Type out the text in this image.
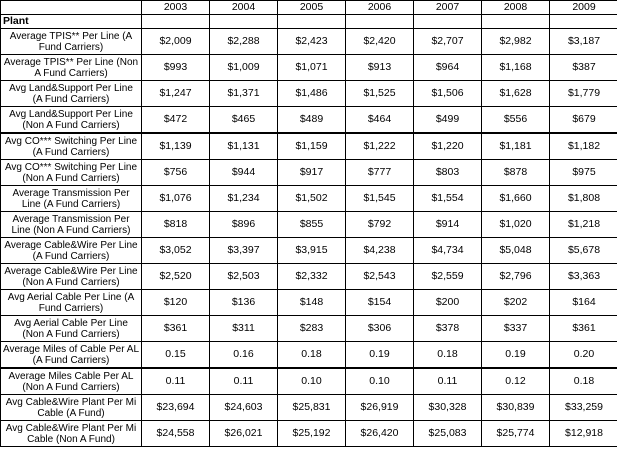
	2003	2004	2005	2006	2007	2008	2009
Plant							
Average TPIS** Per Line (A Fund Carriers)	$2,009	$2,288	$2,423	$2,420	$2,707	$2,982	$3,187
Average TPIS** Per Line (Non A Fund Carriers)	$993	$1,009	$1,071	$913	$964	$1,168	$387
Avg Land&Support Per Line (A Fund Carriers)	$1,247	$1,371	$1,486	$1,525	$1,506	$1,628	$1,779
Avg Land&Support Per Line (Non A Fund Carriers)	$472	$465	$489	$464	$499	$556	$679
Avg CO*** Switching Per Line (A Fund Carriers)	$1,139	$1,131	$1,159	$1,222	$1,220	$1,181	$1,182
Avg CO*** Switching Per Line (Non A Fund Carriers)	$756	$944	$917	$777	$803	$878	$975
Average Transmission Per Line (A Fund Carriers)	$1,076	$1,234	$1,502	$1,545	$1,554	$1,660	$1,808
Average Transmission Per Line (Non A Fund Carriers)	$818	$896	$855	$792	$914	$1,020	$1,218
Average Cable&Wire Per Line (A Fund Carriers)	$3,052	$3,397	$3,915	$4,238	$4,734	$5,048	$5,678
Average Cable&Wire Per Line (Non A Fund Carriers)	$2,520	$2,503	$2,332	$2,543	$2,559	$2,796	$3,363
Avg Aerial Cable Per Line (A Fund Carriers)	$120	$136	$148	$154	$200	$202	$164
Avg Aerial Cable Per Line (Non A Fund Carriers)	$361	$311	$283	$306	$378	$337	$361
Average Miles of Cable Per AL (A Fund Carriers)	0.15	0.16	0.18	0.19	0.18	0.19	0.20
Average Miles Cable Per AL (Non A Fund Carriers)	0.11	0.11	0.10	0.10	0.11	0.12	0.18
Avg Cable&Wire Plant Per Mi Cable (A Fund)	$23,694	$24,603	$25,831	$26,919	$30,328	$30,839	$33,259
Avg Cable&Wire Plant Per Mi Cable (Non A Fund)	$24,558	$26,021	$25,192	$26,420	$25,083	$25,774	$12,918
